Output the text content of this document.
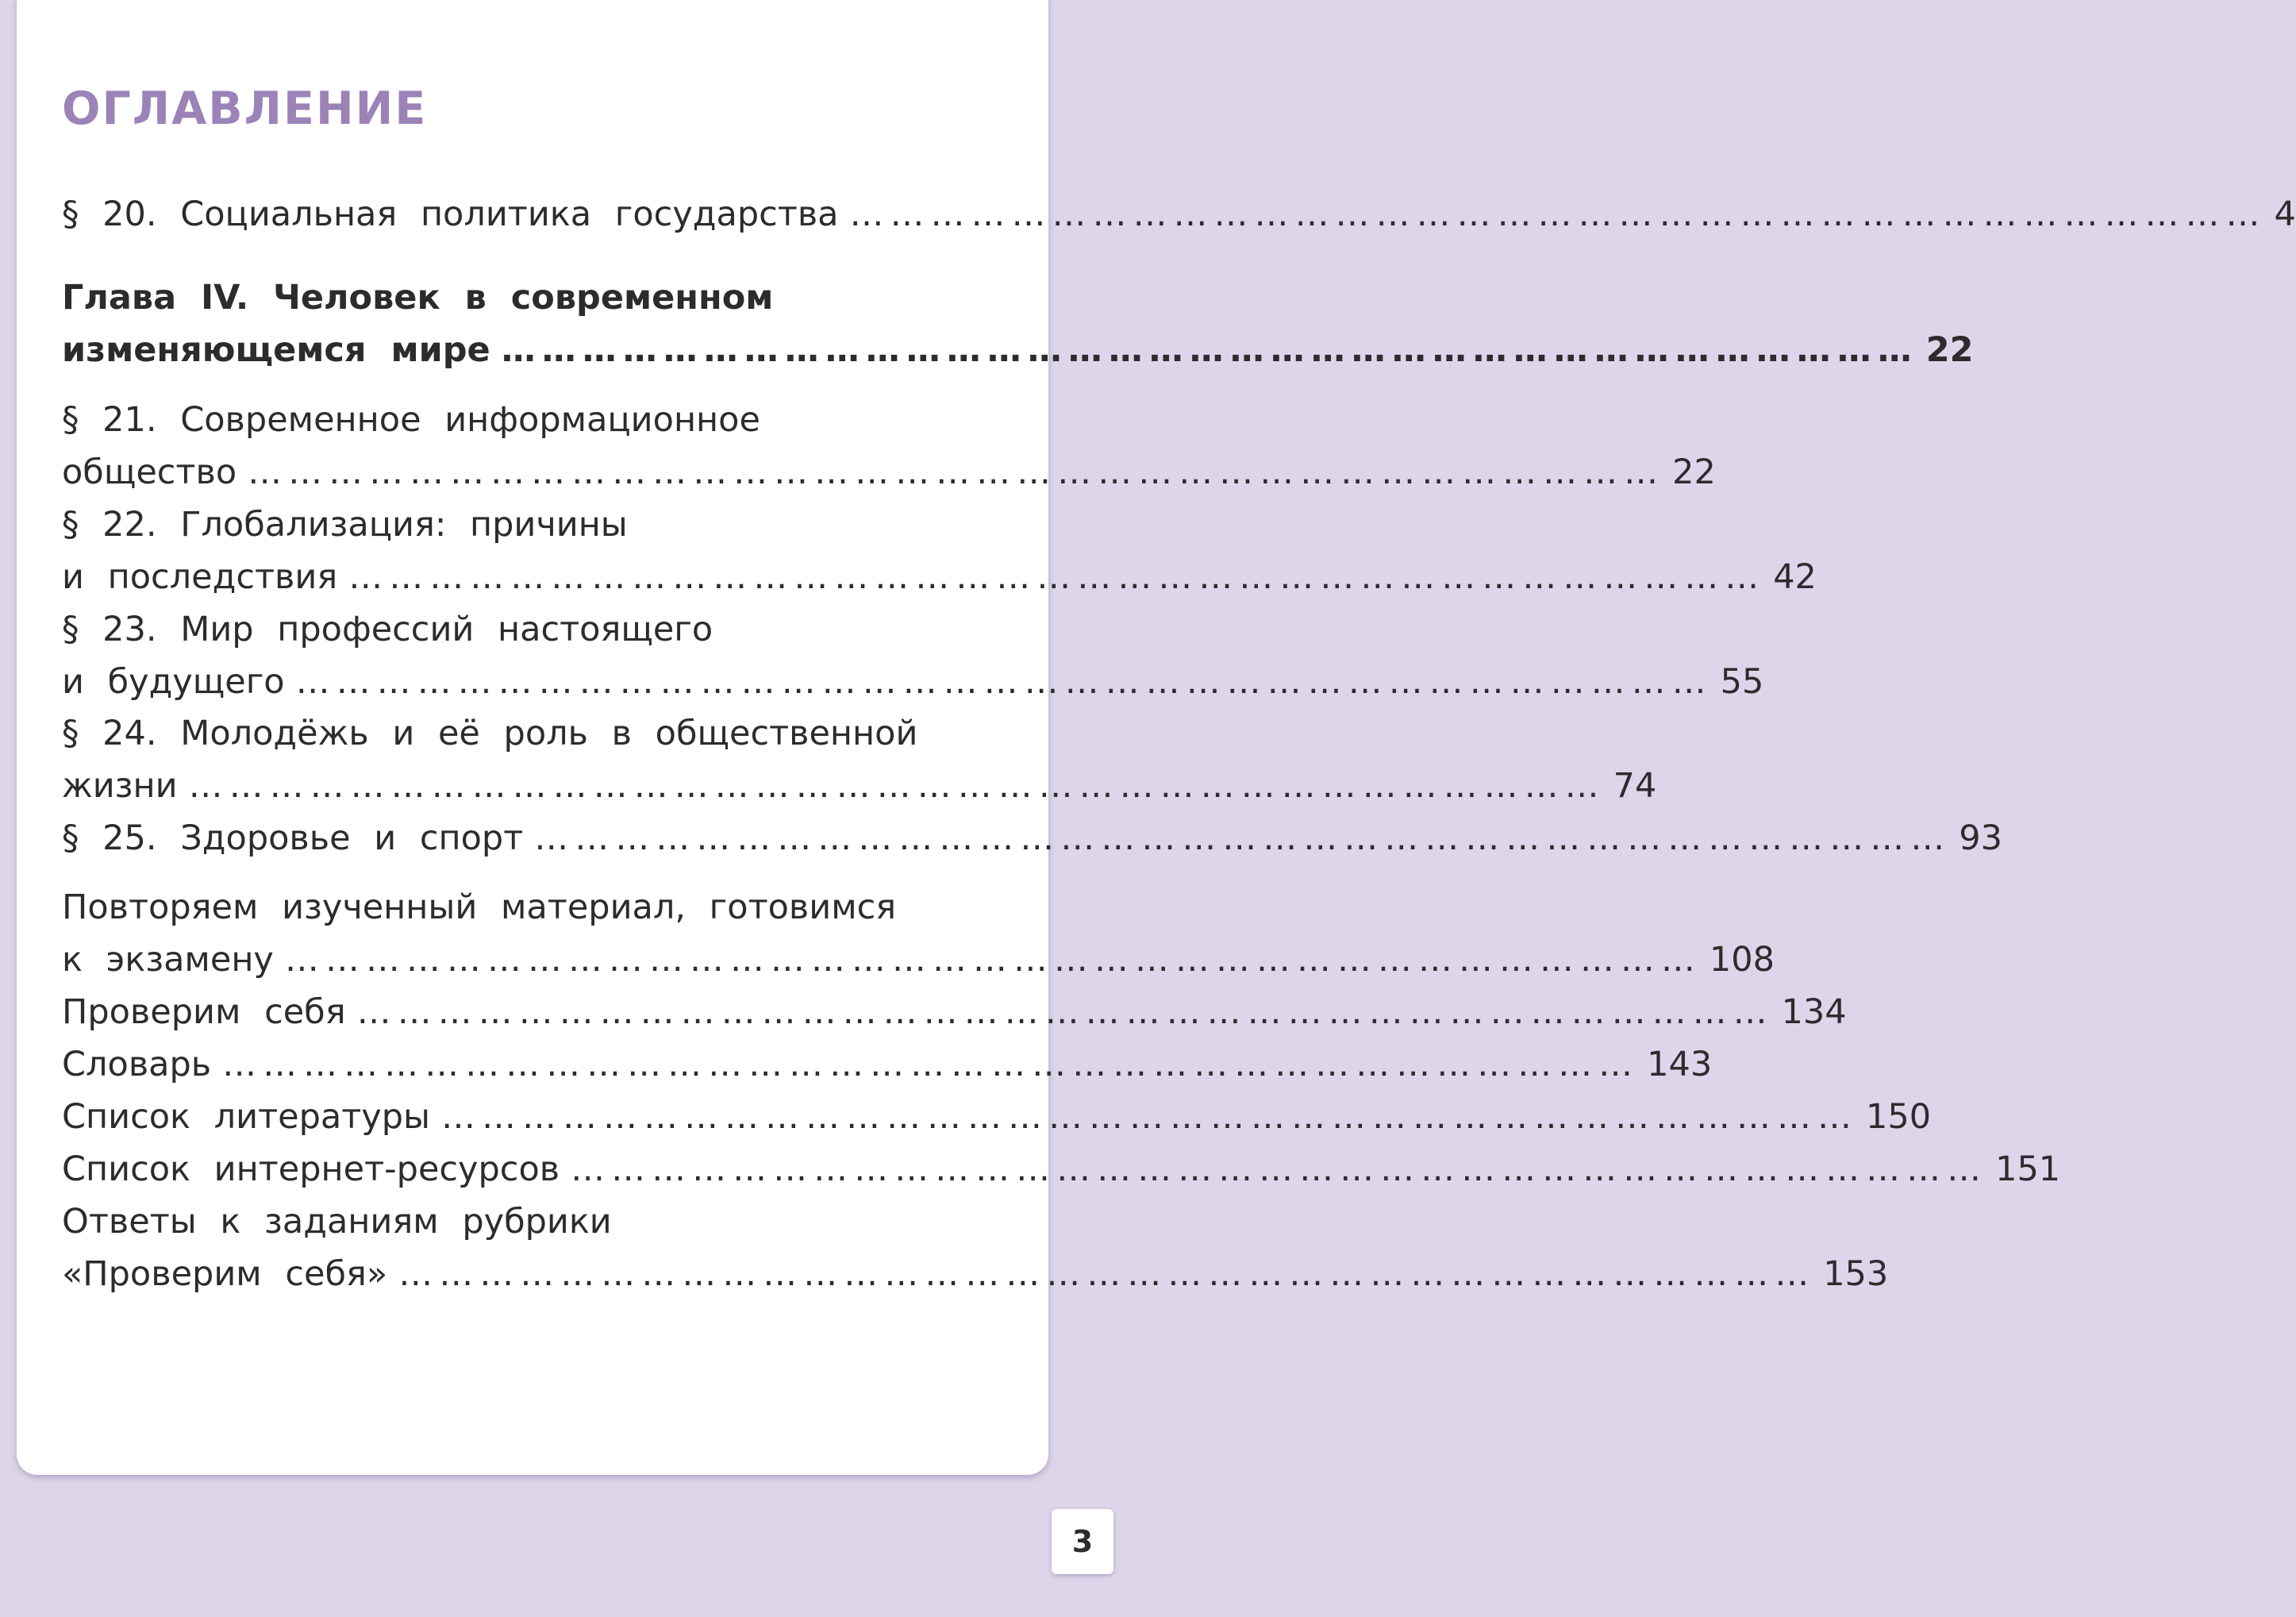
ОГЛАВЛЕНИЕ
§ 20. Социальная политика государства …………………………………………………………………………………………… 4
Глава IV. Человек в современном
изменяющемся мире …………………………………………………………………………………………… 22
§ 21. Современное информационное
общество …………………………………………………………………………………………… 22
§ 22. Глобализация: причины
и последствия …………………………………………………………………………………………… 42
§ 23. Мир профессий настоящего
и будущего …………………………………………………………………………………………… 55
§ 24. Молодёжь и её роль в общественной
жизни …………………………………………………………………………………………… 74
§ 25. Здоровье и спорт …………………………………………………………………………………………… 93
Повторяем изученный материал, готовимся
к экзамену …………………………………………………………………………………………… 108
Проверим себя …………………………………………………………………………………………… 134
Словарь …………………………………………………………………………………………… 143
Список литературы …………………………………………………………………………………………… 150
Список интернет-ресурсов …………………………………………………………………………………………… 151
Ответы к заданиям рубрики
«Проверим себя» …………………………………………………………………………………………… 153
3
